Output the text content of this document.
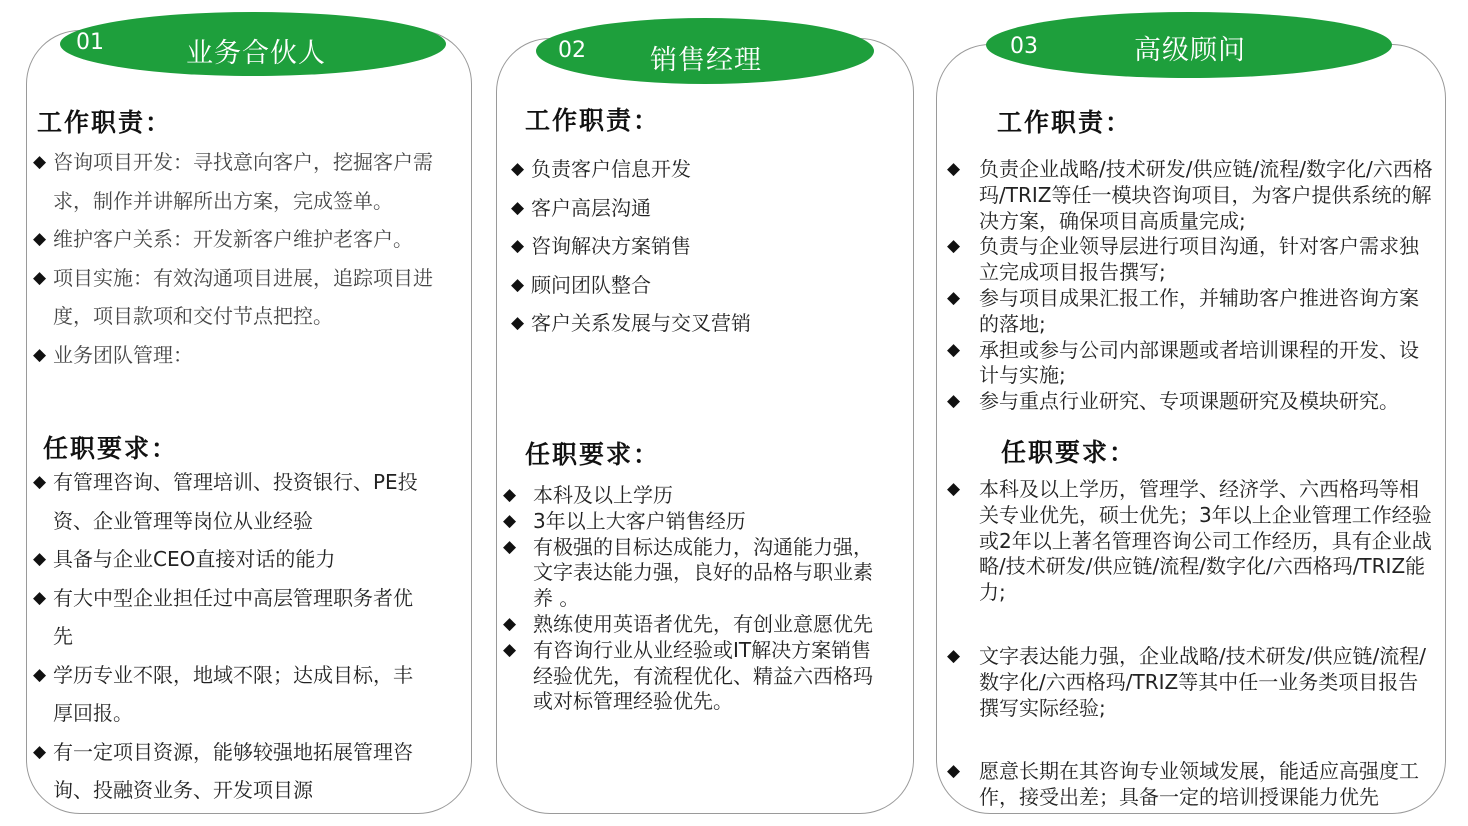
工作职责：
◆ 咨询项目开发：寻找意向客户，挖掘客户需求，制作并讲解所出方案，完成签单。
◆ 维护客户关系：开发新客户维护老客户。
◆ 项目实施：有效沟通项目进展，追踪项目进度，项目款项和交付节点把控。
◆ 业务团队管理：
任职要求：
◆ 有管理咨询、管理培训、投资银行、PE投资、企业管理等岗位从业经验
◆ 具备与企业CEO直接对话的能力
◆ 有大中型企业担任过中高层管理职务者优先
◆ 学历专业不限，地域不限；达成目标，丰厚回报。
◆ 有一定项目资源，能够较强地拓展管理咨询、投融资业务、开发项目源
01	业务合伙人
工作职责：
◆ 负责客户信息开发
◆ 客户高层沟通
◆ 咨询解决方案销售
◆ 顾问团队整合
◆ 客户关系发展与交叉营销
任职要求：
◆ 本科及以上学历
◆ 3年以上大客户销售经历
◆ 有极强的目标达成能力，沟通能力强，文字表达能力强，良好的品格与职业素养 。
◆ 熟练使用英语者优先，有创业意愿优先
◆ 有咨询行业从业经验或IT解决方案销售经验优先，有流程优化、精益六西格玛或对标管理经验优先。
02 销售经理
工作职责：
◆ 负责企业战略/技术研发/供应链/流程/数字化/六西格玛/TRIZ等任一模块咨询项目，为客户提供系统的解决方案，确保项目高质量完成;
◆ 负责与企业领导层进行项目沟通，针对客户需求独立完成项目报告撰写;
◆ 参与项目成果汇报工作，并辅助客户推进咨询方案的落地;
◆ 承担或参与公司内部课题或者培训课程的开发、设计与实施;
◆ 参与重点行业研究、专项课题研究及模块研究。
任职要求：
◆ 本科及以上学历，管理学、经济学、六西格玛等相关专业优先，硕士优先；3年以上企业管理工作经验或2年以上著名管理咨询公司工作经历，具有企业战略/技术研发/供应链/流程/数字化/六西格玛/TRIZ能力;
◆ 文字表达能力强，企业战略/技术研发/供应链/流程/数字化/六西格玛/TRIZ等其中任一业务类项目报告撰写实际经验;
◆ 愿意长期在其咨询专业领域发展，能适应高强度工作，接受出差；具备一定的培训授课能力优先
03	高级顾问
